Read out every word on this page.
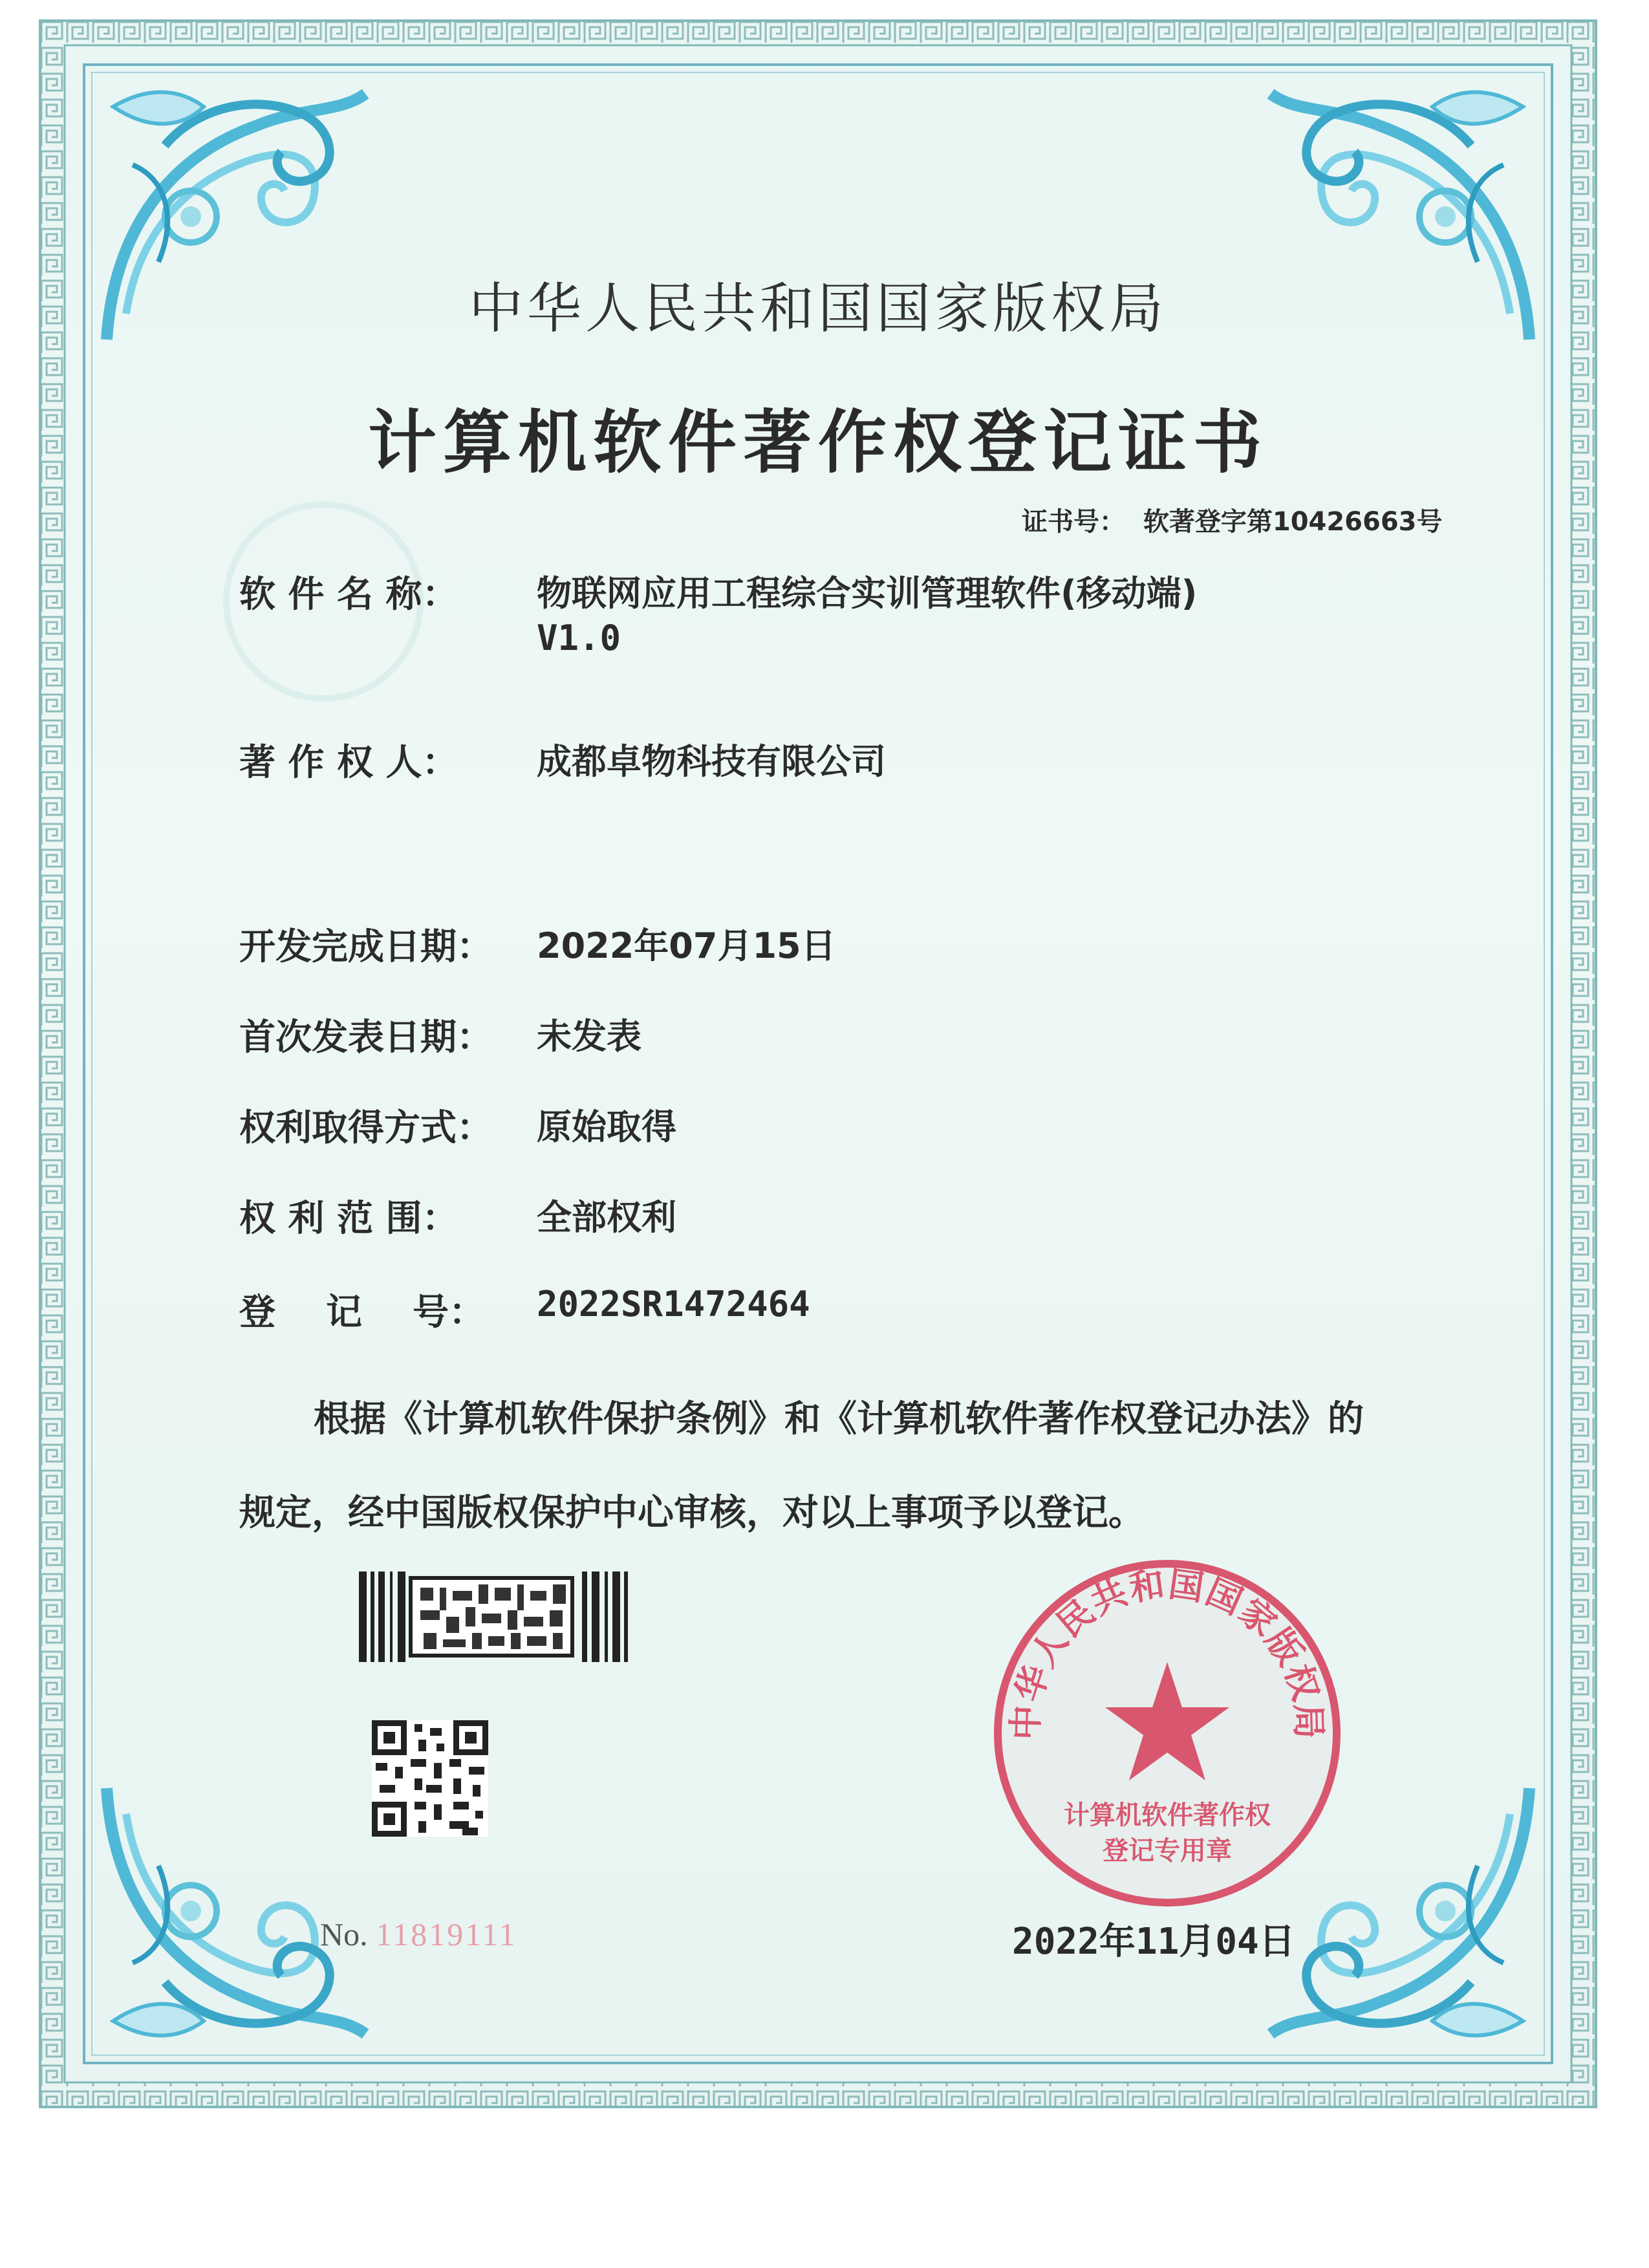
中华人民共和国国家版权局
计算机软件著作权登记证书
证书号： 软著登字第10426663号
软 件 名 称： 物联网应用工程综合实训管理软件(移动端)
V1.0
著 作 权 人： 成都卓物科技有限公司
开发完成日期： 2022年07月15日
首次发表日期： 未发表
权利取得方式： 原始取得
权 利 范 围： 全部权利
登    记    号： 2022SR1472464
根据《计算机软件保护条例》和《计算机软件著作权登记办法》的
规定，经中国版权保护中心审核，对以上事项予以登记。
No. 11819111
中华人民共和国国家版权局
计算机软件著作权
登记专用章
2022年11月04日
